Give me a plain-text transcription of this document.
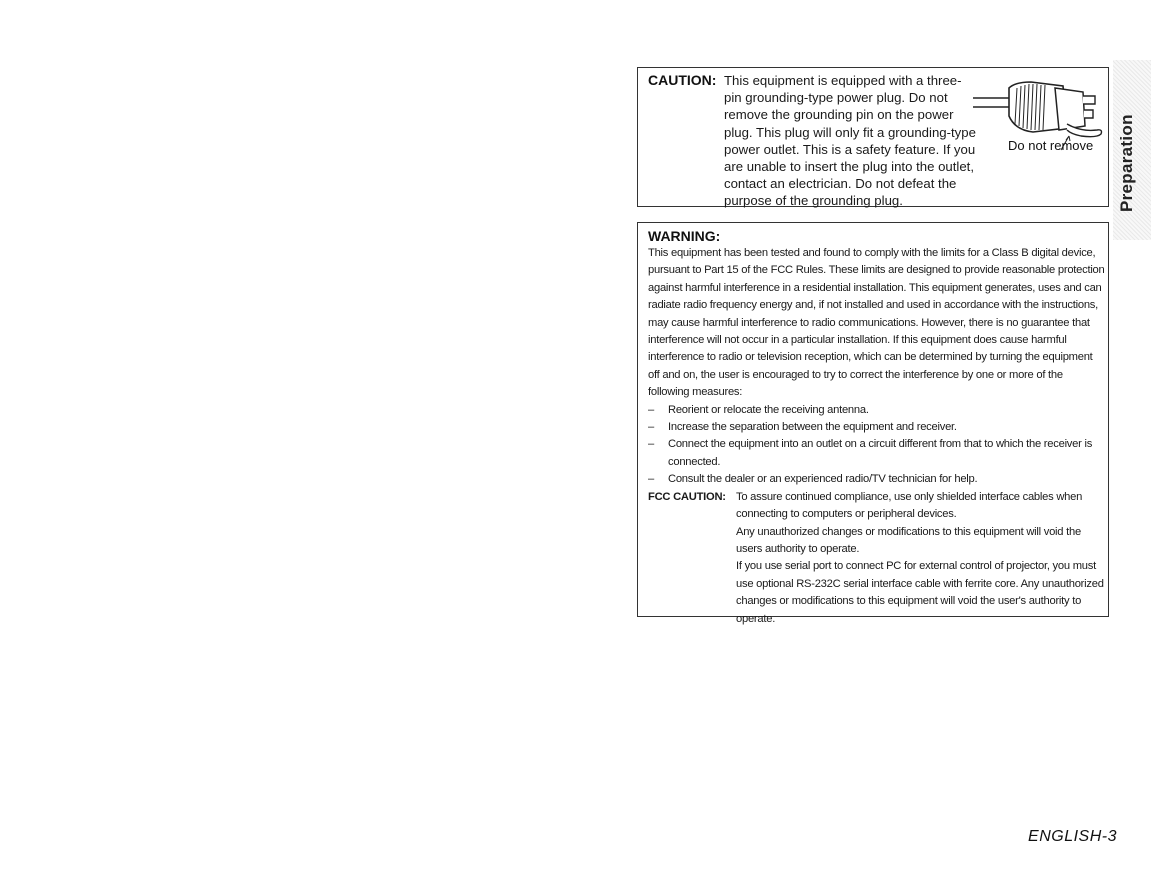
CAUTION: This equipment is equipped with a three-pin grounding-type power plug. Do not remove the grounding pin on the power plug. This plug will only fit a grounding-type power outlet. This is a safety feature. If you are unable to insert the plug into the outlet, contact an electrician. Do not defeat the purpose of the grounding plug.
Do not remove
WARNING:

This equipment has been tested and found to comply with the limits for a Class B digital device, pursuant to Part 15 of the FCC Rules. These limits are designed to provide reasonable protection against harmful interference in a residential installation. This equipment generates, uses and can radiate radio frequency energy and, if not installed and used in accordance with the instructions, may cause harmful interference to radio communications. However, there is no guarantee that interference will not occur in a particular installation. If this equipment does cause harmful interference to radio or television reception, which can be determined by turning the equipment off and on, the user is encouraged to try to correct the interference by one or more of the following measures:

– Reorient or relocate the receiving antenna.
– Increase the separation between the equipment and receiver.
– Connect the equipment into an outlet on a circuit different from that to which the receiver is connected.
– Consult the dealer or an experienced radio/TV technician for help.
FCC CAUTION: To assure continued compliance, use only shielded interface cables when connecting to computers or peripheral devices.

Any unauthorized changes or modifications to this equipment will void the users authority to operate.

If you use serial port to connect PC for external control of projector, you must use optional RS-232C serial interface cable with ferrite core. Any unauthorized changes or modifications to this equipment will void the user's authority to operate.

Preparation
ENGLISH-3
